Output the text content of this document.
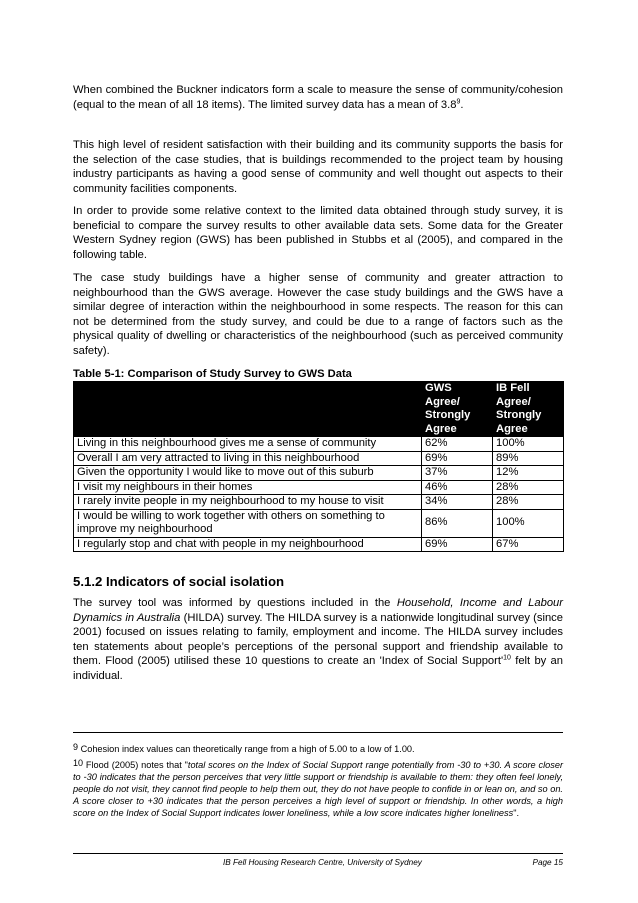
When combined the Buckner indicators form a scale to measure the sense of community/cohesion (equal to the mean of all 18 items). The limited survey data has a mean of $3.8^9$.

This high level of resident satisfaction with their building and its community supports the basis for the selection of the case studies, that is buildings recommended to the project team by housing industry participants as having a good sense of community and well thought out aspects to their community facilities components.

In order to provide some relative context to the limited data obtained through study survey, it is beneficial to compare the survey results to other available data sets. Some data for the Greater Western Sydney region (GWS) has been published in Stubbs et al (2005), and compared in the following table.

The case study buildings have a higher sense of community and greater attraction to neighbourhood than the GWS average. However the case study buildings and the GWS have a similar degree of interaction within the neighbourhood in some respects. The reason for this can not be determined from the study survey, and could be due to a range of factors such as the physical quality of dwelling or characteristics of the neighbourhood (such as perceived community safety).

Table 5-1: Comparison of Study Survey to GWS Data

	GWS Agree/ Strongly Agree	IB Fell Agree/ Strongly Agree
Living in this neighbourhood gives me a sense of community	62%	100%
Overall I am very attracted to living in this neighbourhood	69%	89%
Given the opportunity I would like to move out of this suburb	37%	12%
I visit my neighbours in their homes	46%	28%
I rarely invite people in my neighbourhood to my house to visit	34%	28%
I would be willing to work together with others on something to improve my neighbourhood	86%	100%
I regularly stop and chat with people in my neighbourhood	69%	67%
5.1.2 Indicators of social isolation

The survey tool was informed by questions included in the Household, Income and Labour Dynamics in Australia (HILDA) survey. The HILDA survey is a nationwide longitudinal survey (since 2001) focused on issues relating to family, employment and income. The HILDA survey includes ten statements about people’s perceptions of the personal support and friendship available to them. Flood (2005) utilised these 10 questions to create an 'Index of Social $Support'^{10}$ felt by an individual.

9 Cohesion index values can theoretically range from a high of 5.00 to a low of 1.00.

10 Flood (2005) notes that "total scores on the Index of Social Support range potentially from -30 to +30. A score closer to -30 indicates that the person perceives that very little support or friendship is available to them: they often feel lonely, people do not visit, they cannot find people to help them out, they do not have people to confide in or lean on, and so on. A score closer to +30 indicates that the person perceives a high level of support or friendship. In other words, a high score on the Index of Social Support indicates lower loneliness, while a low score indicates higher loneliness".

IB Fell Housing Research Centre, University of Sydney	Page 15
